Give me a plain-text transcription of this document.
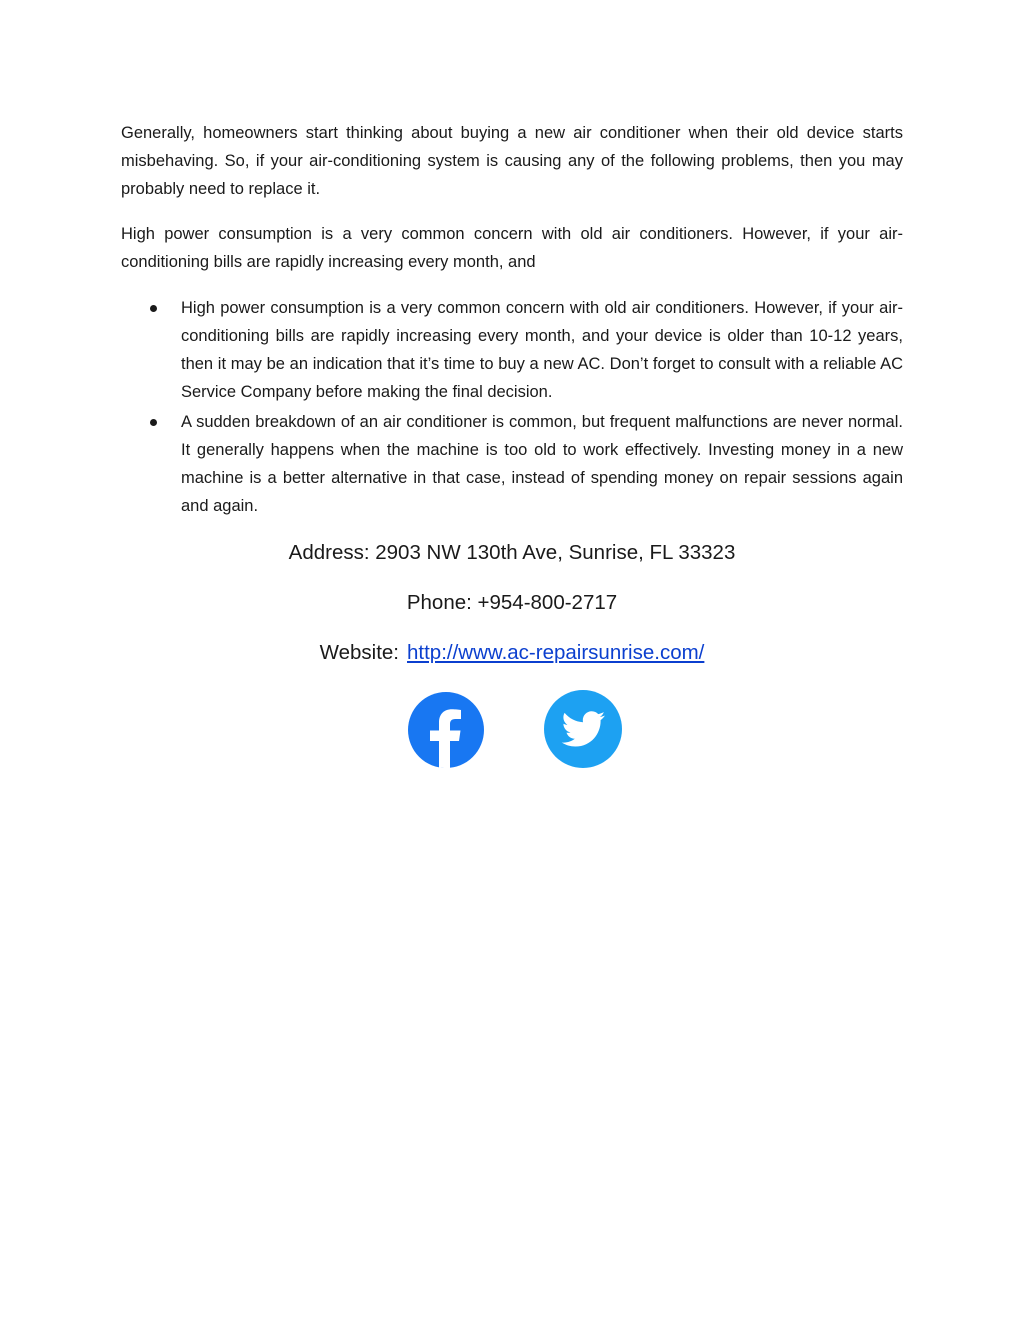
Generally, homeowners start thinking about buying a new air conditioner when their old device starts misbehaving. So, if your air-conditioning system is causing any of the following problems, then you may probably need to replace it.

High power consumption is a very common concern with old air conditioners. However, if your air-conditioning bills are rapidly increasing every month, and

High power consumption is a very common concern with old air conditioners. However, if your air-conditioning bills are rapidly increasing every month, and your device is older than 10-12 years, then it may be an indication that it’s time to buy a new AC. Don’t forget to consult with a reliable AC Service Company before making the final decision.
A sudden breakdown of an air conditioner is common, but frequent malfunctions are never normal. It generally happens when the machine is too old to work effectively. Investing money in a new machine is a better alternative in that case, instead of spending money on repair sessions again and again.
Address: 2903 NW 130th Ave, Sunrise, FL 33323
Phone: +954-800-2717
Website: http://www.ac-repairsunrise.com/
